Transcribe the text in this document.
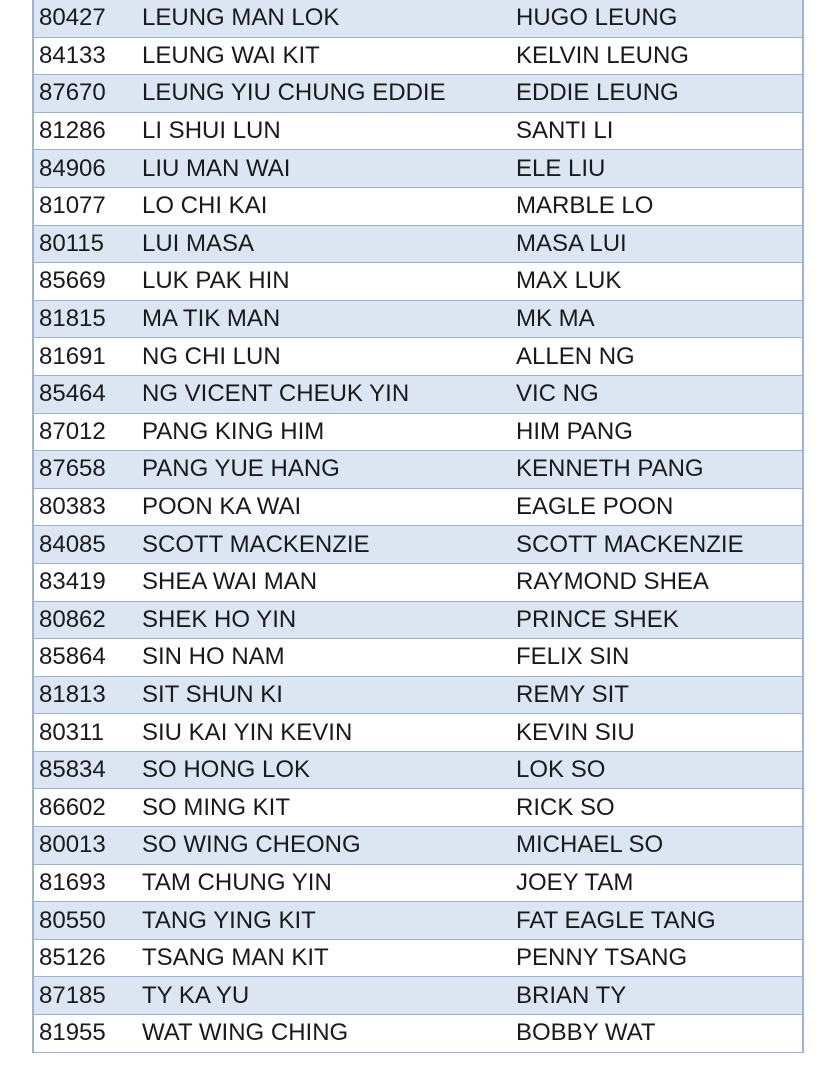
80427	LEUNG MAN LOK	HUGO LEUNG
84133	LEUNG WAI KIT	KELVIN LEUNG
87670	LEUNG YIU CHUNG EDDIE	EDDIE LEUNG
81286	LI SHUI LUN	SANTI LI
84906	LIU MAN WAI	ELE LIU
81077	LO CHI KAI	MARBLE LO
80115	LUI MASA	MASA LUI
85669	LUK PAK HIN	MAX LUK
81815	MA TIK MAN	MK MA
81691	NG CHI LUN	ALLEN NG
85464	NG VICENT CHEUK YIN	VIC NG
87012	PANG KING HIM	HIM PANG
87658	PANG YUE HANG	KENNETH PANG
80383	POON KA WAI	EAGLE POON
84085	SCOTT MACKENZIE	SCOTT MACKENZIE
83419	SHEA WAI MAN	RAYMOND SHEA
80862	SHEK HO YIN	PRINCE SHEK
85864	SIN HO NAM	FELIX SIN
81813	SIT SHUN KI	REMY SIT
80311	SIU KAI YIN KEVIN	KEVIN SIU
85834	SO HONG LOK	LOK SO
86602	SO MING KIT	RICK SO
80013	SO WING CHEONG	MICHAEL SO
81693	TAM CHUNG YIN	JOEY TAM
80550	TANG YING KIT	FAT EAGLE TANG
85126	TSANG MAN KIT	PENNY TSANG
87185	TY KA YU	BRIAN TY
81955	WAT WING CHING	BOBBY WAT
